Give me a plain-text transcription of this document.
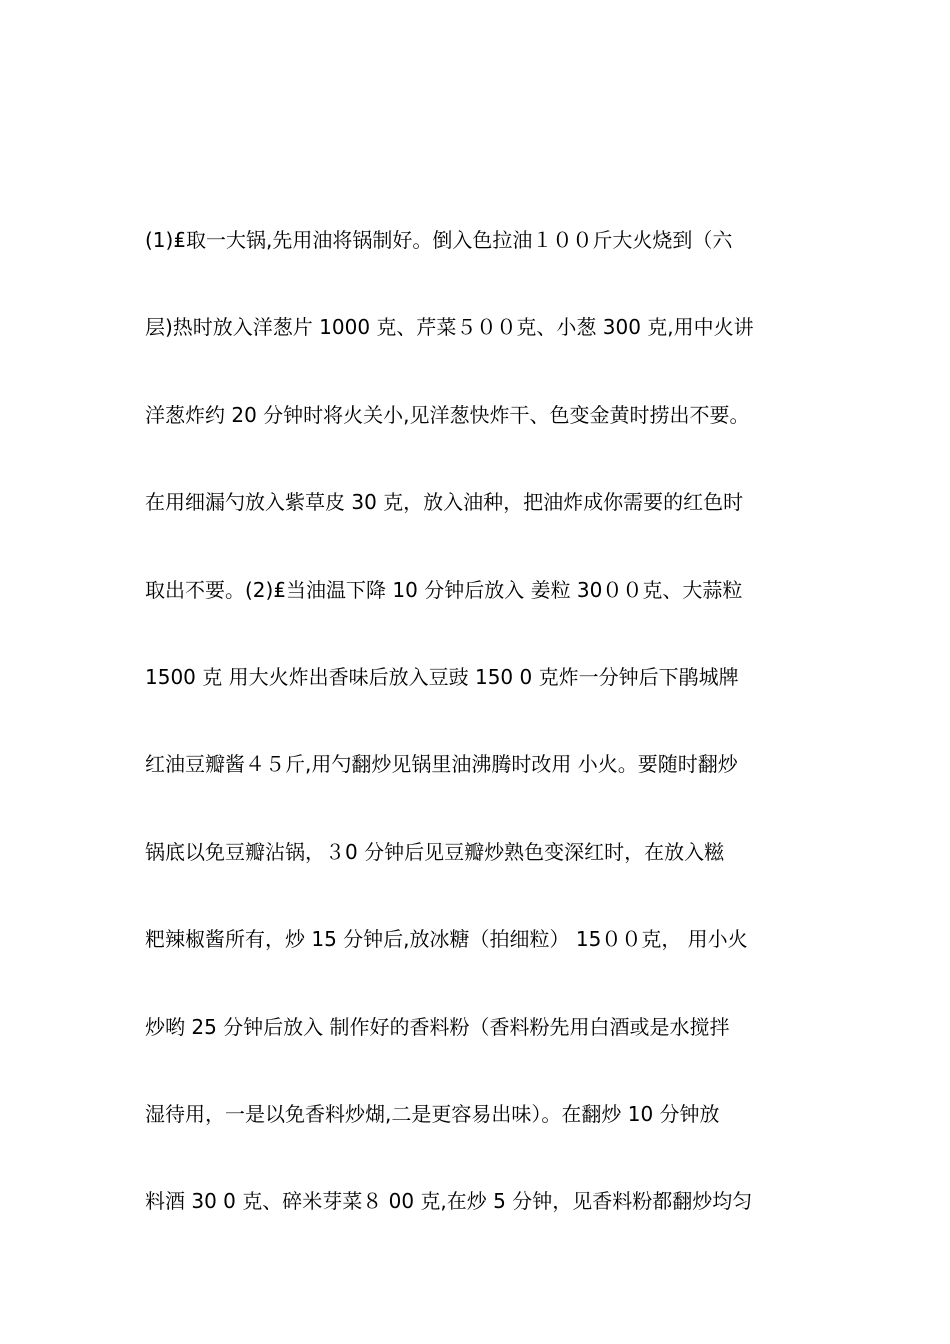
(1)₤取一大锅,先用油将锅制好。倒入色拉油１００斤大火烧到（六
层)热时放入洋葱片 1000 克、芹菜５００克、小葱 300 克,用中火讲
洋葱炸约 20 分钟时将火关小,见洋葱快炸干、色变金黄时捞出不要。
在用细漏勺放入紫草皮 30 克，放入油种，把油炸成你需要的红色时
取出不要。(2)₤当油温下降 10 分钟后放入 姜粒 30００克、大蒜粒
1500 克 用大火炸出香味后放入豆豉 150 0 克炸一分钟后下鹃城牌
红油豆瓣酱４５斤,用勺翻炒见锅里油沸腾时改用 小火。要随时翻炒
锅底以免豆瓣沾锅，３0 分钟后见豆瓣炒熟色变深红时，在放入糍
粑辣椒酱所有，炒 15 分钟后,放冰糖（拍细粒） 15００克， 用小火
炒哟 25 分钟后放入 制作好的香料粉（香料粉先用白酒或是水搅拌
湿待用，一是以免香料炒煳,二是更容易出味）。在翻炒 10 分钟放
料酒 30 0 克、碎米芽菜８ 00 克,在炒 5 分钟，见香料粉都翻炒均匀
